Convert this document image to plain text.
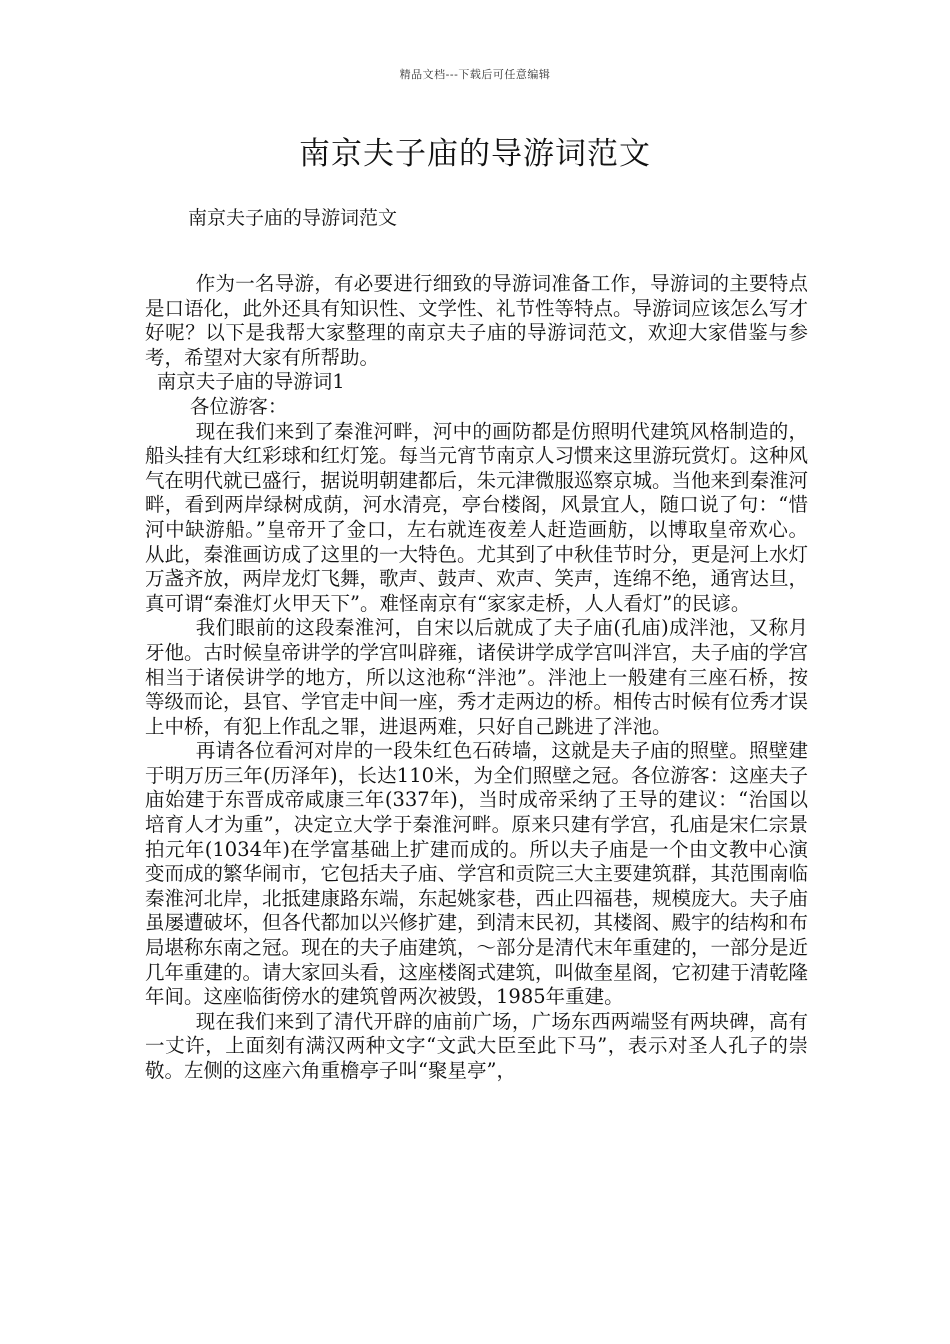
精品文档---下载后可任意编辑
南京夫子庙的导游词范文

南京夫子庙的导游词范文

作为一名导游，有必要进行细致的导游词准备工作，导游词的主要特点是口语化，此外还具有知识性、文学性、礼节性等特点。导游词应该怎么写才好呢？以下是我帮大家整理的南京夫子庙的导游词范文，欢迎大家借鉴与参考，希望对大家有所帮助。

南京夫子庙的导游词1

各位游客：

现在我们来到了秦淮河畔，河中的画防都是仿照明代建筑风格制造的，船头挂有大红彩球和红灯笼。每当元宵节南京人习惯来这里游玩赏灯。这种风气在明代就已盛行，据说明朝建都后，朱元津微服巡察京城。当他来到秦淮河畔，看到两岸绿树成荫，河水清亮，亭台楼阁，风景宜人，随口说了句：“惜河中缺游船。”皇帝开了金口，左右就连夜差人赶造画舫，以博取皇帝欢心。从此，秦淮画访成了这里的一大特色。尤其到了中秋佳节时分，更是河上水灯万盏齐放，两岸龙灯飞舞，歌声、鼓声、欢声、笑声，连绵不绝，通宵达旦，真可谓“秦淮灯火甲天下”。难怪南京有“家家走桥，人人看灯”的民谚。

我们眼前的这段秦淮河，自宋以后就成了夫子庙(孔庙)成泮池，又称月牙他。古时候皇帝讲学的学宫叫辟雍，诸侯讲学成学宫叫泮宫，夫子庙的学宫相当于诸侯讲学的地方，所以这池称“泮池”。泮池上一般建有三座石桥，按等级而论，县官、学官走中间一座，秀才走两边的桥。相传古时候有位秀才误上中桥，有犯上作乱之罪，进退两难，只好自己跳进了泮池。

再请各位看河对岸的一段朱红色石砖墙，这就是夫子庙的照壁。照壁建于明万历三年(历泽年)，长达110米，为全们照壁之冠。各位游客：这座夫子庙始建于东晋成帝咸康三年(337年)，当时成帝采纳了王导的建议：“治国以培育人才为重”，决定立大学于秦淮河畔。原来只建有学宫，孔庙是宋仁宗景拍元年(1034年)在学富基础上扩建而成的。所以夫子庙是一个由文教中心演变而成的繁华闹市，它包括夫子庙、学宫和贡院三大主要建筑群，其范围南临秦淮河北岸，北抵建康路东端，东起姚家巷，西止四福巷，规模庞大。夫子庙虽屡遭破坏，但各代都加以兴修扩建，到清末民初，其楼阁、殿宇的结构和布局堪称东南之冠。现在的夫子庙建筑，～部分是清代末年重建的，一部分是近几年重建的。请大家回头看，这座楼阁式建筑，叫做奎星阁，它初建于清乾隆年间。这座临街傍水的建筑曾两次被毁，1985年重建。

现在我们来到了清代开辟的庙前广场，广场东西两端竖有两块碑，高有一丈许，上面刻有满汉两种文字“文武大臣至此下马”，表示对圣人孔子的崇敬。左侧的这座六角重檐亭子叫“聚星亭”，
